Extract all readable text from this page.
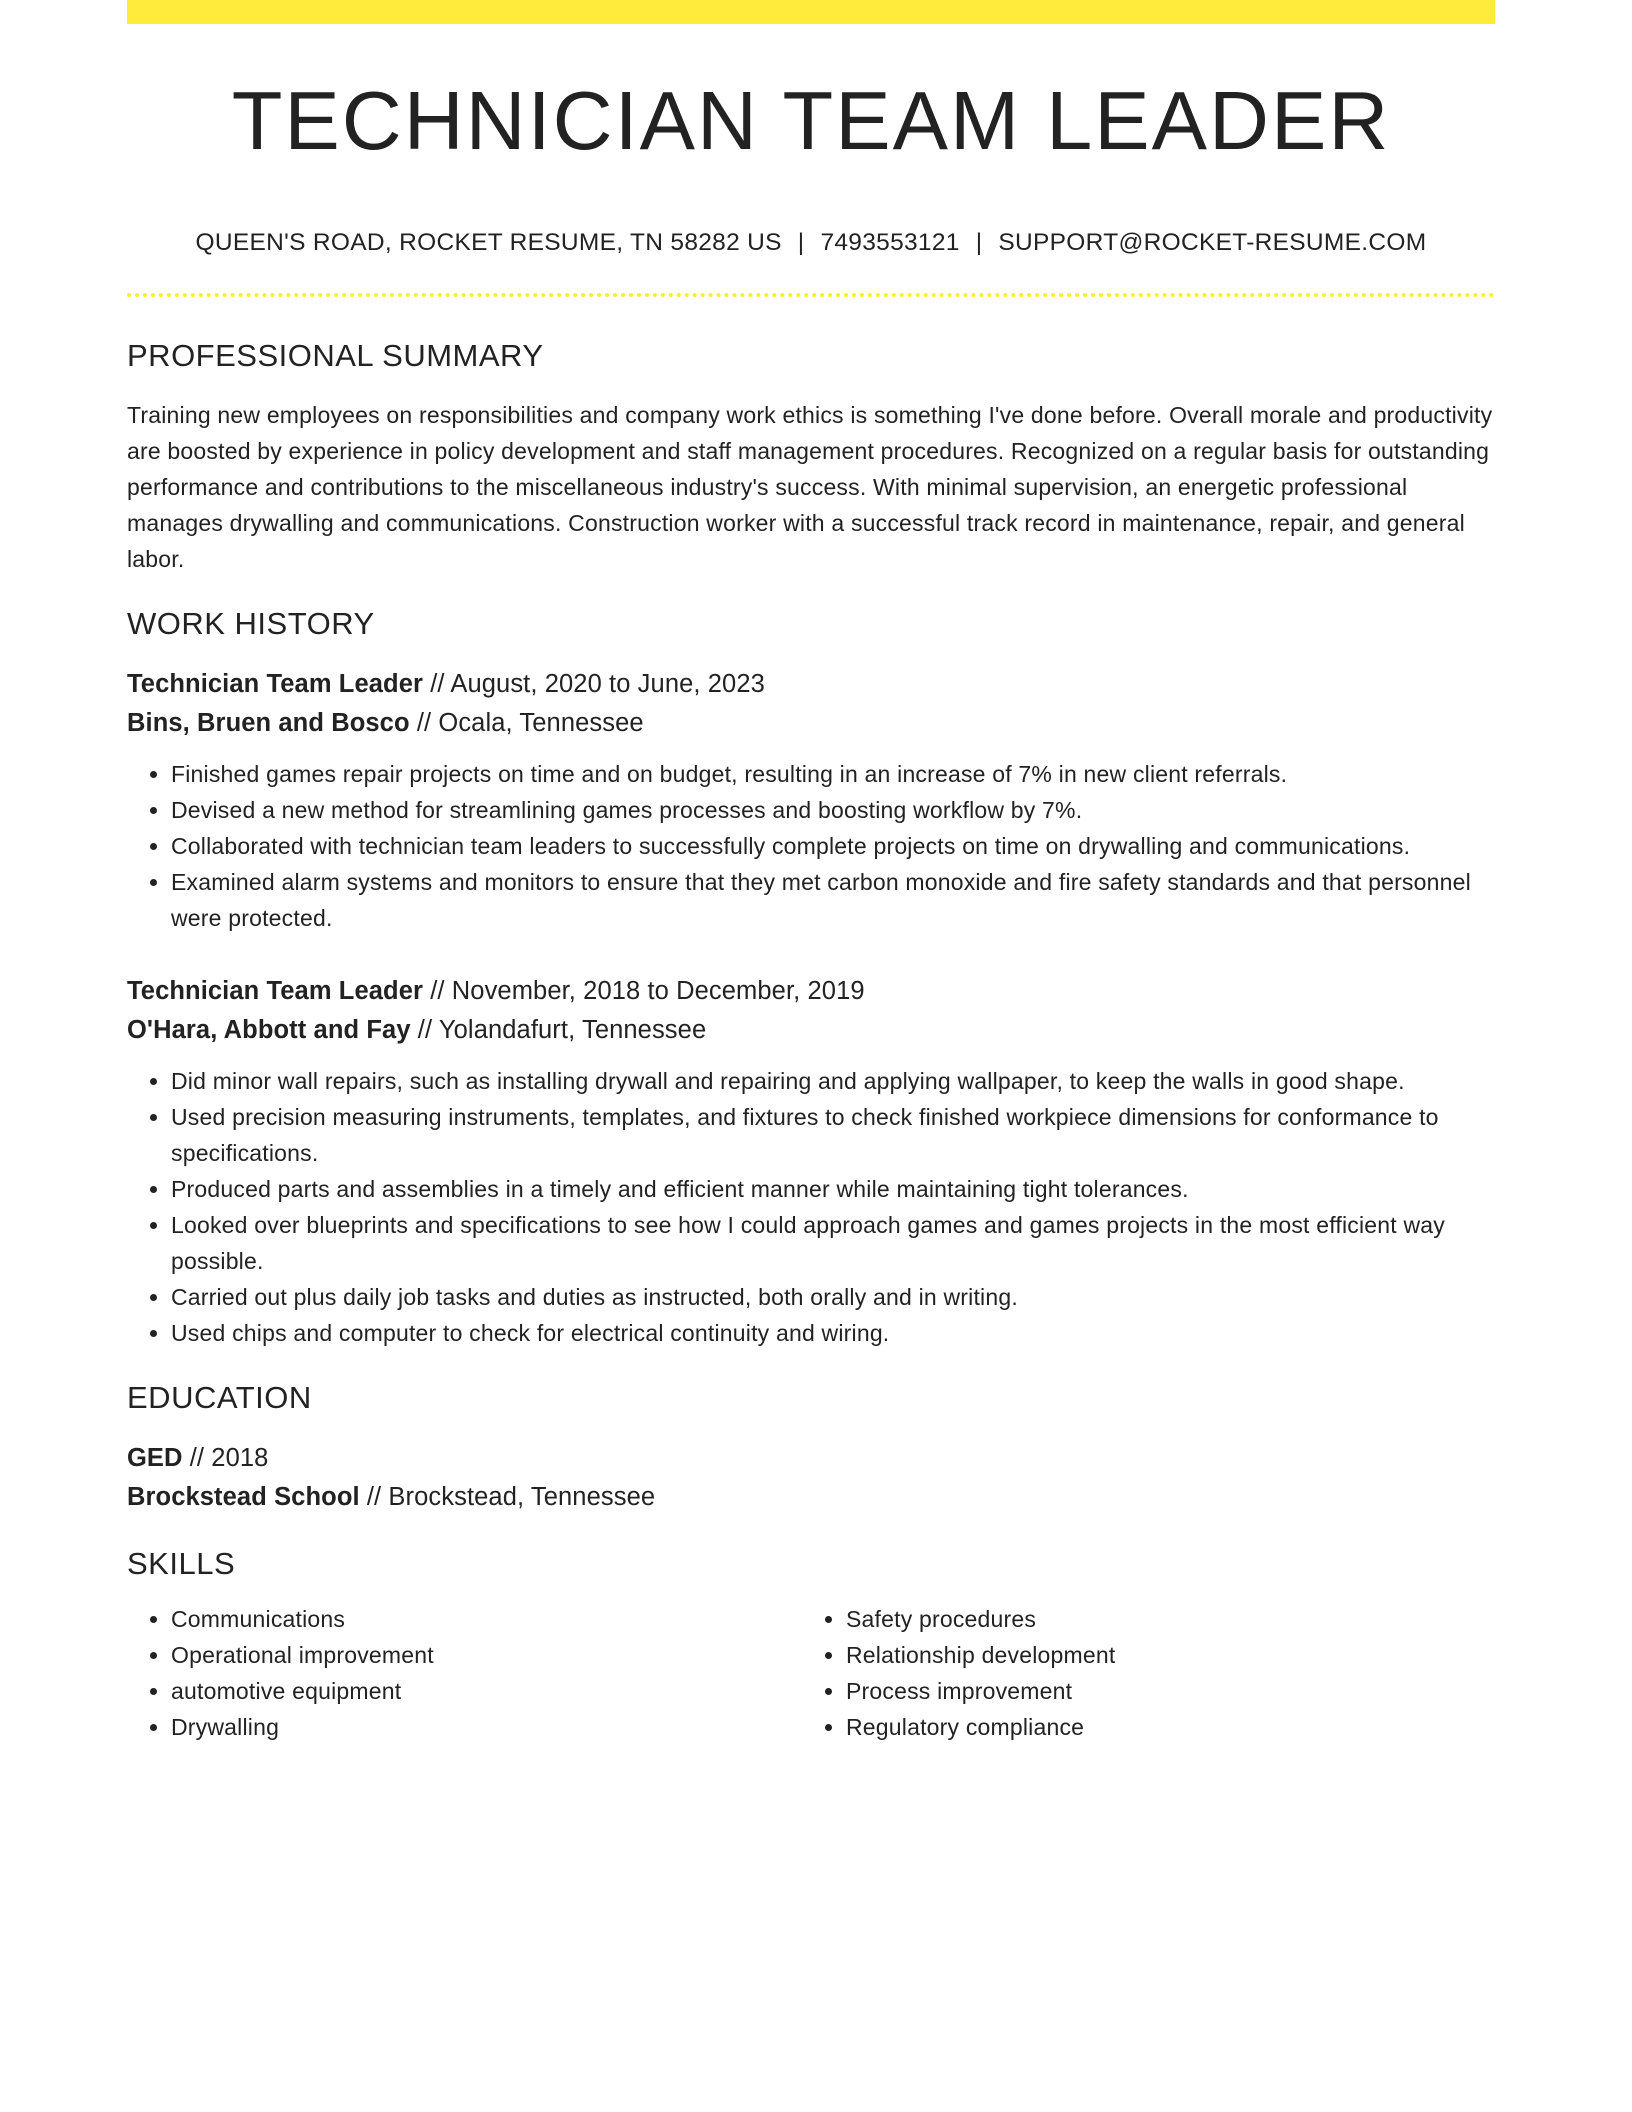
TECHNICIAN TEAM LEADER
QUEEN'S ROAD, ROCKET RESUME, TN 58282 US | 7493553121 | SUPPORT@ROCKET-RESUME.COM
PROFESSIONAL SUMMARY
Training new employees on responsibilities and company work ethics is something I've done before. Overall morale and productivity are boosted by experience in policy development and staff management procedures. Recognized on a regular basis for outstanding performance and contributions to the miscellaneous industry's success. With minimal supervision, an energetic professional manages drywalling and communications. Construction worker with a successful track record in maintenance, repair, and general labor.
WORK HISTORY
Technician Team Leader // August, 2020 to June, 2023
Bins, Bruen and Bosco // Ocala, Tennessee
• Finished games repair projects on time and on budget, resulting in an increase of 7% in new client referrals.
• Devised a new method for streamlining games processes and boosting workflow by 7%.
• Collaborated with technician team leaders to successfully complete projects on time on drywalling and communications.
• Examined alarm systems and monitors to ensure that they met carbon monoxide and fire safety standards and that personnel were protected.
Technician Team Leader // November, 2018 to December, 2019
O'Hara, Abbott and Fay // Yolandafurt, Tennessee
• Did minor wall repairs, such as installing drywall and repairing and applying wallpaper, to keep the walls in good shape.
• Used precision measuring instruments, templates, and fixtures to check finished workpiece dimensions for conformance to specifications.
• Produced parts and assemblies in a timely and efficient manner while maintaining tight tolerances.
• Looked over blueprints and specifications to see how I could approach games and games projects in the most efficient way possible.
• Carried out plus daily job tasks and duties as instructed, both orally and in writing.
• Used chips and computer to check for electrical continuity and wiring.
EDUCATION
GED // 2018
Brockstead School // Brockstead, Tennessee
SKILLS
• Communications
• Operational improvement
• automotive equipment
• Drywalling
• Safety procedures
• Relationship development
• Process improvement
• Regulatory compliance
